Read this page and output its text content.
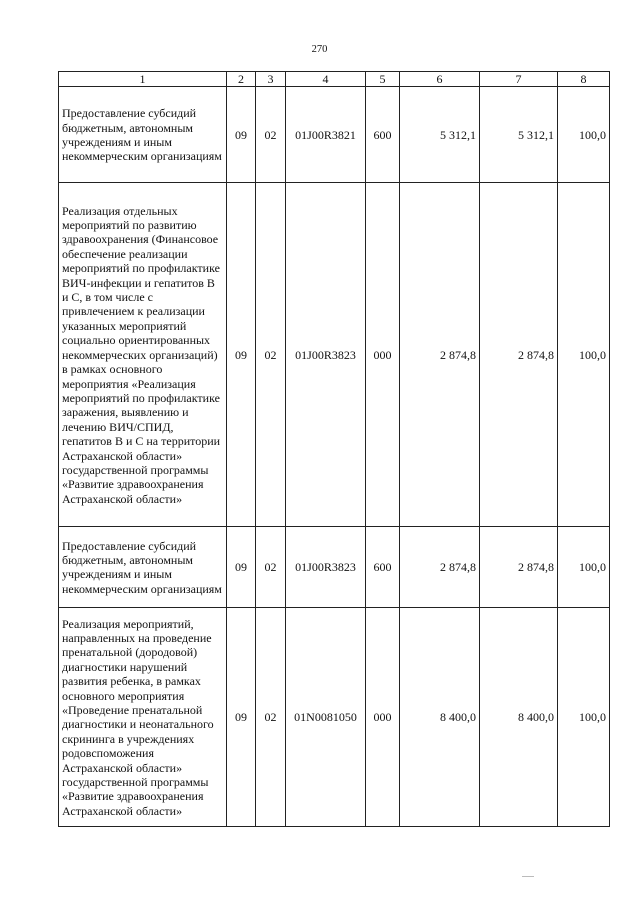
270
1	2	3	4	5	6	7	8
Предоставление субсидий бюджетным, автономным учреждениям и иным некоммерческим организациям	09	02	01J00R3821	600	5 312,1	5 312,1	100,0
Реализация отдельных мероприятий по развитию здравоохранения (Финансовое обеспечение реализации мероприятий по профилактике ВИЧ-инфекции и гепатитов В и С, в том числе с привлечением к реализации указанных мероприятий социально ориентированных некоммерческих организаций) в рамках основного мероприятия «Реализация мероприятий по профилактике заражения, выявлению и лечению ВИЧ/СПИД, гепатитов В и С на территории Астраханской области» государственной программы «Развитие здравоохранения Астраханской области»	09	02	01J00R3823	000	2 874,8	2 874,8	100,0
Предоставление субсидий бюджетным, автономным учреждениям и иным некоммерческим организациям	09	02	01J00R3823	600	2 874,8	2 874,8	100,0
Реализация мероприятий, направленных на проведение пренатальной (дородовой) диагностики нарушений развития ребенка, в рамках основного мероприятия «Проведение пренатальной диагностики и неонатального скрининга в учреждениях родовспоможения Астраханской области» государственной программы «Развитие здравоохранения Астраханской области»	09	02	01N0081050	000	8 400,0	8 400,0	100,0
